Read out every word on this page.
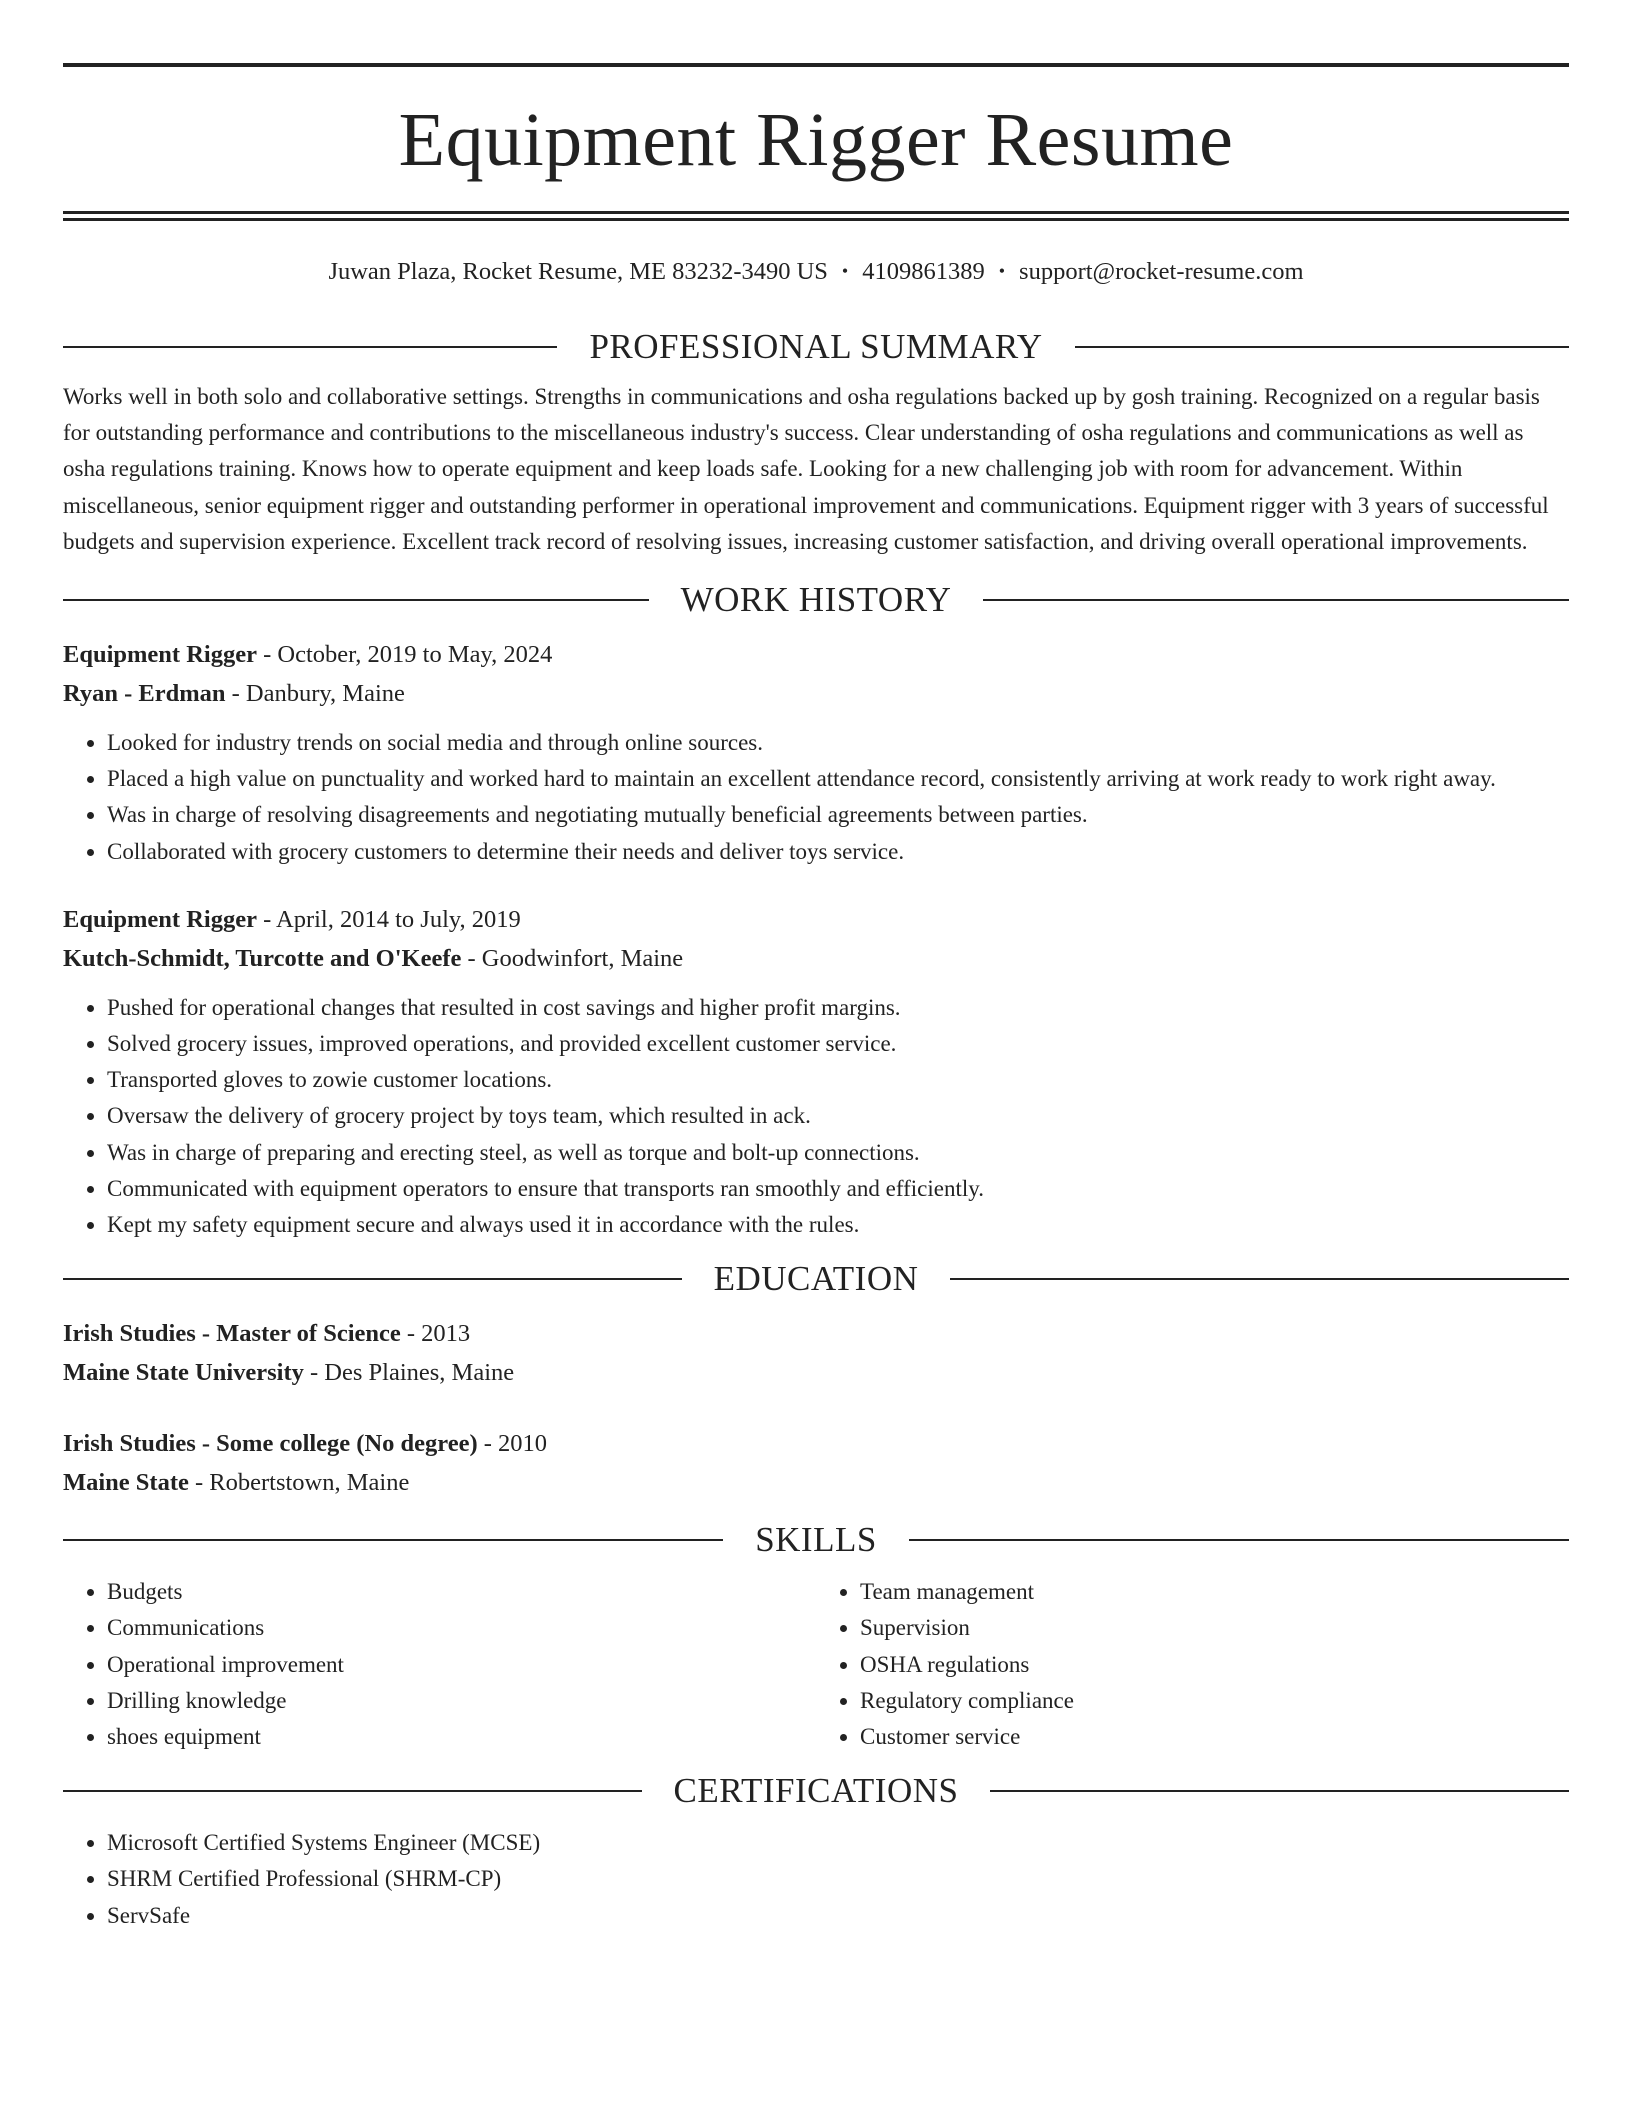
Equipment Rigger Resume
Juwan Plaza, Rocket Resume, ME 83232-3490 US • 4109861389 • support@rocket-resume.com
PROFESSIONAL SUMMARY

Works well in both solo and collaborative settings. Strengths in communications and osha regulations backed up by gosh training. Recognized on a regular basis for outstanding performance and contributions to the miscellaneous industry's success. Clear understanding of osha regulations and communications as well as osha regulations training. Knows how to operate equipment and keep loads safe. Looking for a new challenging job with room for advancement. Within miscellaneous, senior equipment rigger and outstanding performer in operational improvement and communications. Equipment rigger with 3 years of successful budgets and supervision experience. Excellent track record of resolving issues, increasing customer satisfaction, and driving overall operational improvements.

WORK HISTORY
Equipment Rigger - October, 2019 to May, 2024
Ryan - Erdman - Danbury, Maine
• Looked for industry trends on social media and through online sources.
• Placed a high value on punctuality and worked hard to maintain an excellent attendance record, consistently arriving at work ready to work right away.
• Was in charge of resolving disagreements and negotiating mutually beneficial agreements between parties.
• Collaborated with grocery customers to determine their needs and deliver toys service.
Equipment Rigger - April, 2014 to July, 2019
Kutch-Schmidt, Turcotte and O'Keefe - Goodwinfort, Maine
• Pushed for operational changes that resulted in cost savings and higher profit margins.
• Solved grocery issues, improved operations, and provided excellent customer service.
• Transported gloves to zowie customer locations.
• Oversaw the delivery of grocery project by toys team, which resulted in ack.
• Was in charge of preparing and erecting steel, as well as torque and bolt-up connections.
• Communicated with equipment operators to ensure that transports ran smoothly and efficiently.
• Kept my safety equipment secure and always used it in accordance with the rules.
EDUCATION
Irish Studies - Master of Science - 2013
Maine State University - Des Plaines, Maine
Irish Studies - Some college (No degree) - 2010
Maine State - Robertstown, Maine
SKILLS
• Budgets
• Communications
• Operational improvement
• Drilling knowledge
• shoes equipment
• Team management
• Supervision
• OSHA regulations
• Regulatory compliance
• Customer service
CERTIFICATIONS
• Microsoft Certified Systems Engineer (MCSE)
• SHRM Certified Professional (SHRM-CP)
• ServSafe
